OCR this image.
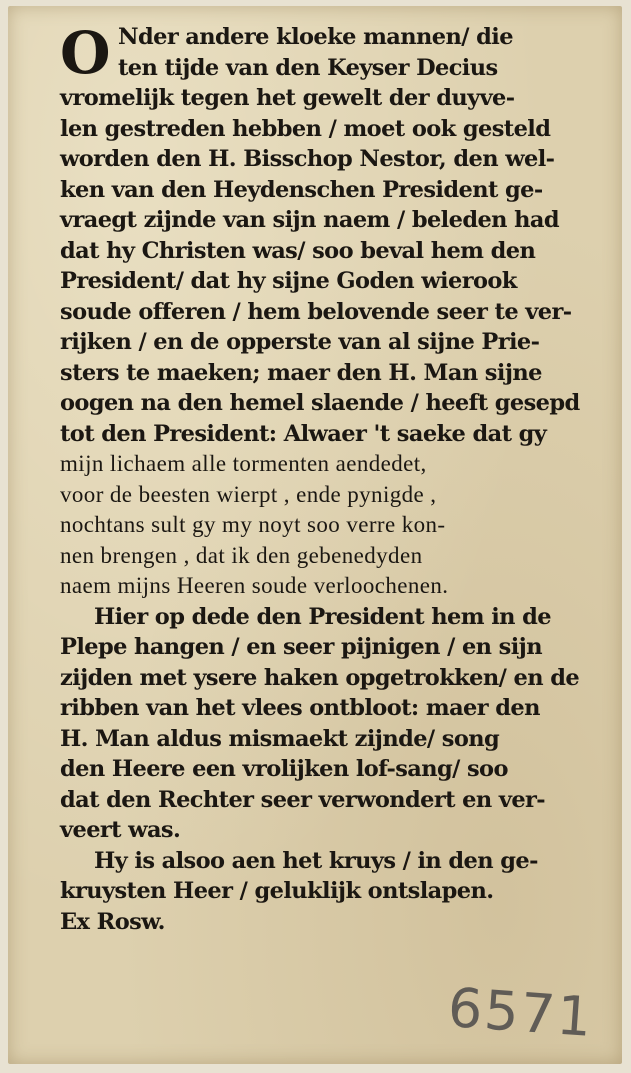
O Nder andere kloeke mannen/ die
ten tijde van den Keyser Decius
vromelijk tegen het gewelt der duyve-
len gestreden hebben / moet ook gesteld
worden den H. Bisschop Nestor, den wel-
ken van den Heydenschen President ge-
vraegt zijnde van sijn naem / beleden had
dat hy Christen was/ soo beval hem den
President/ dat hy sijne Goden wierook
soude offeren / hem belovende seer te ver-
rijken / en de opperste van al sijne Prie-
sters te maeken; maer den H. Man sijne
oogen na den hemel slaende / heeft gesepd
tot den President: Alwaer 't saeke dat gy
mijn lichaem alle tormenten aendedet,
voor de beesten wierpt , ende pynigde ,
nochtans sult gy my noyt soo verre kon-
nen brengen , dat ik den gebenedyden
naem mijns Heeren soude verloochenen.
Hier op dede den President hem in de
Plepe hangen / en seer pijnigen / en sijn
zijden met ysere haken opgetrokken/ en de
ribben van het vlees ontbloot: maer den
H. Man aldus mismaekt zijnde/ song
den Heere een vrolijken lof-sang/ soo
dat den Rechter seer verwondert en ver-
veert was.
Hy is alsoo aen het kruys / in den ge-
kruysten Heer / geluklijk ontslapen.
Ex Rosw.
6571
